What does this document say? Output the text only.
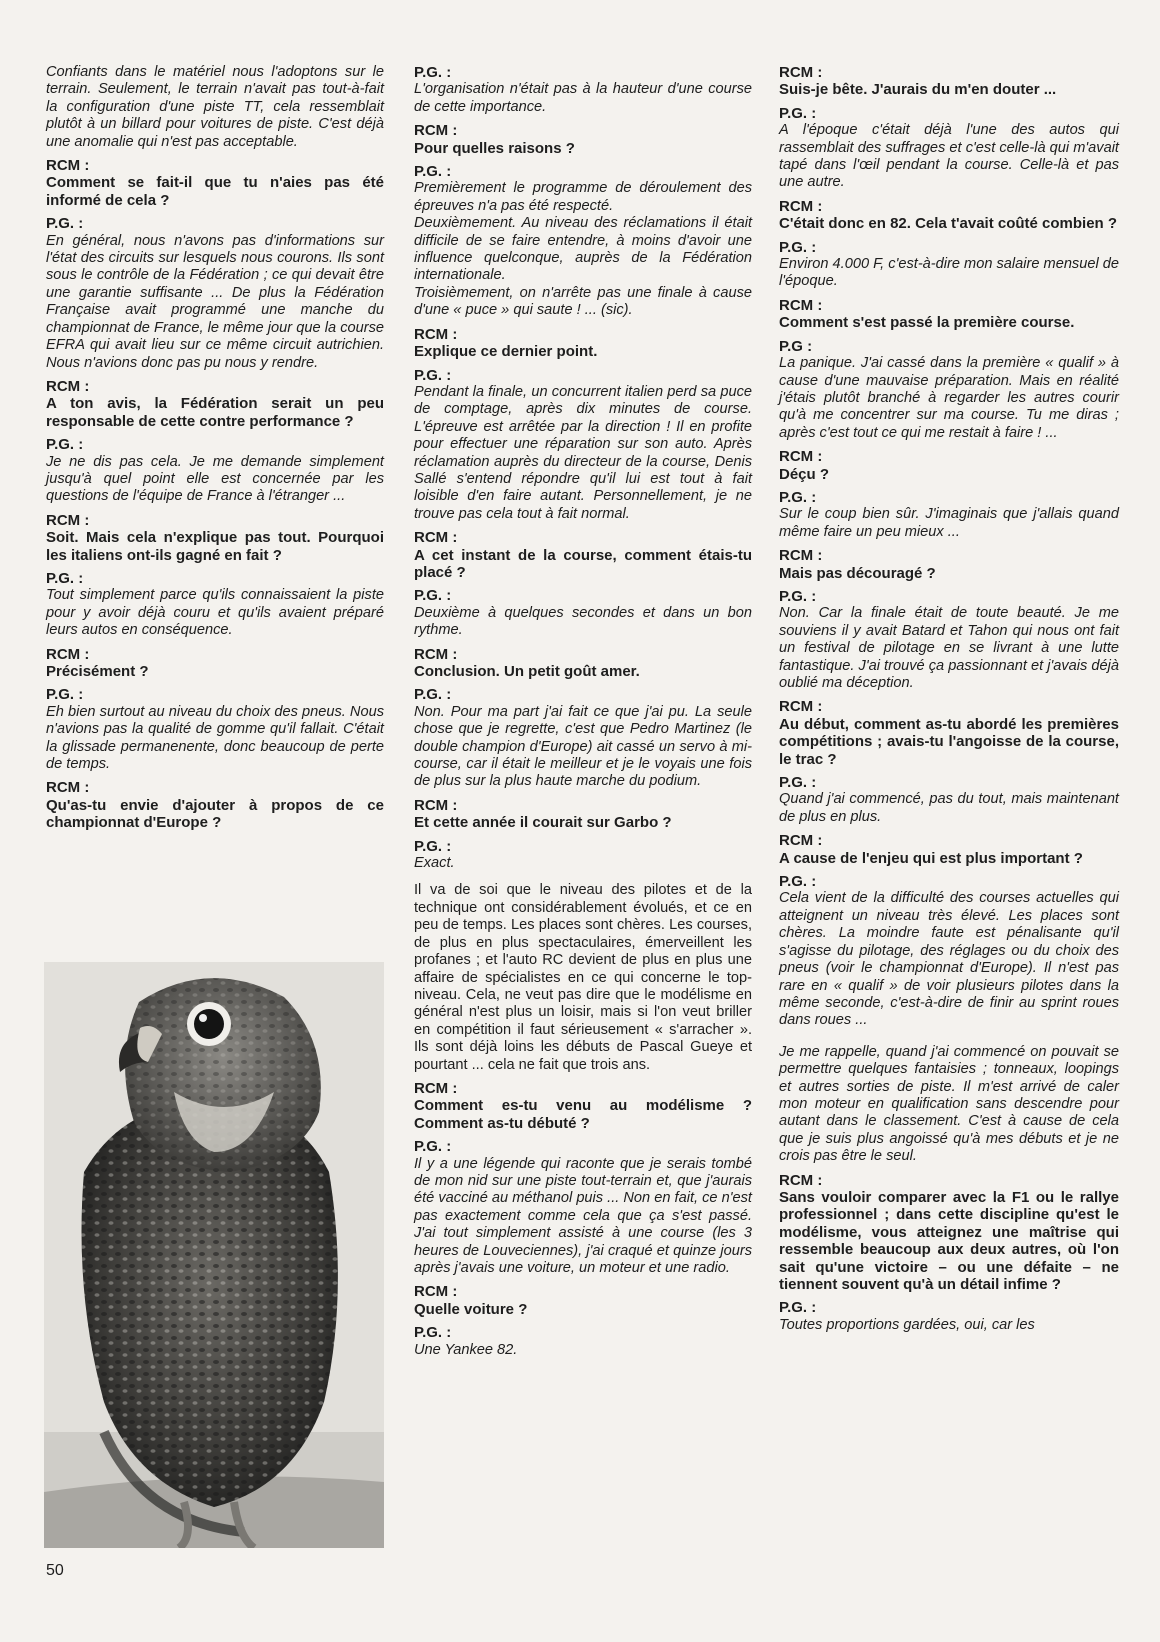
Confiants dans le matériel nous l'adoptons sur le terrain. Seulement, le terrain n'avait pas tout-à-fait la configuration d'une piste TT, cela ressemblait plutôt à un billard pour voitures de piste. C'est déjà une anomalie qui n'est pas acceptable.
RCM :
Comment se fait-il que tu n'aies pas été informé de cela ?
P.G. :
En général, nous n'avons pas d'informations sur l'état des circuits sur lesquels nous courons. Ils sont sous le contrôle de la Fédération ; ce qui devait être une garantie suffisante ... De plus la Fédération Française avait programmé une manche du championnat de France, le même jour que la course EFRA qui avait lieu sur ce même circuit autrichien. Nous n'avions donc pas pu nous y rendre.
RCM :
A ton avis, la Fédération serait un peu responsable de cette contre performance ?
P.G. :
Je ne dis pas cela. Je me demande simplement jusqu'à quel point elle est concernée par les questions de l'équipe de France à l'étranger ...
RCM :
Soit. Mais cela n'explique pas tout. Pourquoi les italiens ont-ils gagné en fait ?
P.G. :
Tout simplement parce qu'ils connaissaient la piste pour y avoir déjà couru et qu'ils avaient préparé leurs autos en conséquence.
RCM :
Précisément ?
P.G. :
Eh bien surtout au niveau du choix des pneus. Nous n'avions pas la qualité de gomme qu'il fallait. C'était la glissade permanenente, donc beaucoup de perte de temps.
RCM :
Qu'as-tu envie d'ajouter à propos de ce championnat d'Europe ?
P.G. :
L'organisation n'était pas à la hauteur d'une course de cette importance.
RCM :
Pour quelles raisons ?
P.G. :
Premièrement le programme de déroulement des épreuves n'a pas été respecté.
Deuxièmement. Au niveau des réclamations il était difficile de se faire entendre, à moins d'avoir une influence quelconque, auprès de la Fédération internationale.
Troisièmement, on n'arrête pas une finale à cause d'une « puce » qui saute ! ... (sic).
RCM :
Explique ce dernier point.
P.G. :
Pendant la finale, un concurrent italien perd sa puce de comptage, après dix minutes de course. L'épreuve est arrêtée par la direction ! Il en profite pour effectuer une réparation sur son auto. Après réclamation auprès du directeur de la course, Denis Sallé s'entend répondre qu'il lui est tout à fait loisible d'en faire autant. Personnellement, je ne trouve pas cela tout à fait normal.
RCM :
A cet instant de la course, comment étais-tu placé ?
P.G. :
Deuxième à quelques secondes et dans un bon rythme.
RCM :
Conclusion. Un petit goût amer.
P.G. :
Non. Pour ma part j'ai fait ce que j'ai pu. La seule chose que je regrette, c'est que Pedro Martinez (le double champion d'Europe) ait cassé un servo à mi-course, car il était le meilleur et je le voyais une fois de plus sur la plus haute marche du podium.
RCM :
Et cette année il courait sur Garbo ?
P.G. :
Exact.
Il va de soi que le niveau des pilotes et de la technique ont considérablement évolués, et ce en peu de temps. Les places sont chères. Les courses, de plus en plus spectaculaires, émerveillent les profanes ; et l'auto RC devient de plus en plus une affaire de spécialistes en ce qui concerne le top-niveau. Cela, ne veut pas dire que le modélisme en général n'est plus un loisir, mais si l'on veut briller en compétition il faut sérieusement « s'arracher ». Ils sont déjà loins les débuts de Pascal Gueye et pourtant ... cela ne fait que trois ans.
RCM :
Comment es-tu venu au modélisme ? Comment as-tu débuté ?
P.G. :
Il y a une légende qui raconte que je serais tombé de mon nid sur une piste tout-terrain et, que j'aurais été vacciné au méthanol puis ... Non en fait, ce n'est pas exactement comme cela que ça s'est passé. J'ai tout simplement assisté à une course (les 3 heures de Louveciennes), j'ai craqué et quinze jours après j'avais une voiture, un moteur et une radio.
RCM :
Quelle voiture ?
P.G. :
Une Yankee 82.
RCM :
Suis-je bête. J'aurais du m'en douter ...
P.G. :
A l'époque c'était déjà l'une des autos qui rassemblait des suffrages et c'est celle-là qui m'avait tapé dans l'œil pendant la course. Celle-là et pas une autre.
RCM :
C'était donc en 82. Cela t'avait coûté combien ?
P.G. :
Environ 4.000 F, c'est-à-dire mon salaire mensuel de l'époque.
RCM :
Comment s'est passé la première course.
P.G :
La panique. J'ai cassé dans la première « qualif » à cause d'une mauvaise préparation. Mais en réalité j'étais plutôt branché à regarder les autres courir qu'à me concentrer sur ma course. Tu me diras ; après c'est tout ce qui me restait à faire ! ...
RCM :
Déçu ?
P.G. :
Sur le coup bien sûr. J'imaginais que j'allais quand même faire un peu mieux ...
RCM :
Mais pas découragé ?
P.G. :
Non. Car la finale était de toute beauté. Je me souviens il y avait Batard et Tahon qui nous ont fait un festival de pilotage en se livrant à une lutte fantastique. J'ai trouvé ça passionnant et j'avais déjà oublié ma déception.
RCM :
Au début, comment as-tu abordé les premières compétitions ; avais-tu l'angoisse de la course, le trac ?
P.G. :
Quand j'ai commencé, pas du tout, mais maintenant de plus en plus.
RCM :
A cause de l'enjeu qui est plus important ?
P.G. :
Cela vient de la difficulté des courses actuelles qui atteignent un niveau très élevé. Les places sont chères. La moindre faute est pénalisante qu'il s'agisse du pilotage, des réglages ou du choix des pneus (voir le championnat d'Europe). Il n'est pas rare en « qualif » de voir plusieurs pilotes dans la même seconde, c'est-à-dire de finir au sprint roues dans roues ...
Je me rappelle, quand j'ai commencé on pouvait se permettre quelques fantaisies ; tonneaux, loopings et autres sorties de piste. Il m'est arrivé de caler mon moteur en qualification sans descendre pour autant dans le classement. C'est à cause de cela que je suis plus angoissé qu'à mes débuts et je ne crois pas être le seul.
RCM :
Sans vouloir comparer avec la F1 ou le rallye professionnel ; dans cette discipline qu'est le modélisme, vous atteignez une maîtrise qui ressemble beaucoup aux deux autres, où l'on sait qu'une victoire – ou une défaite – ne tiennent souvent qu'à un détail infime ?
P.G. :
Toutes proportions gardées, oui, car les
50
